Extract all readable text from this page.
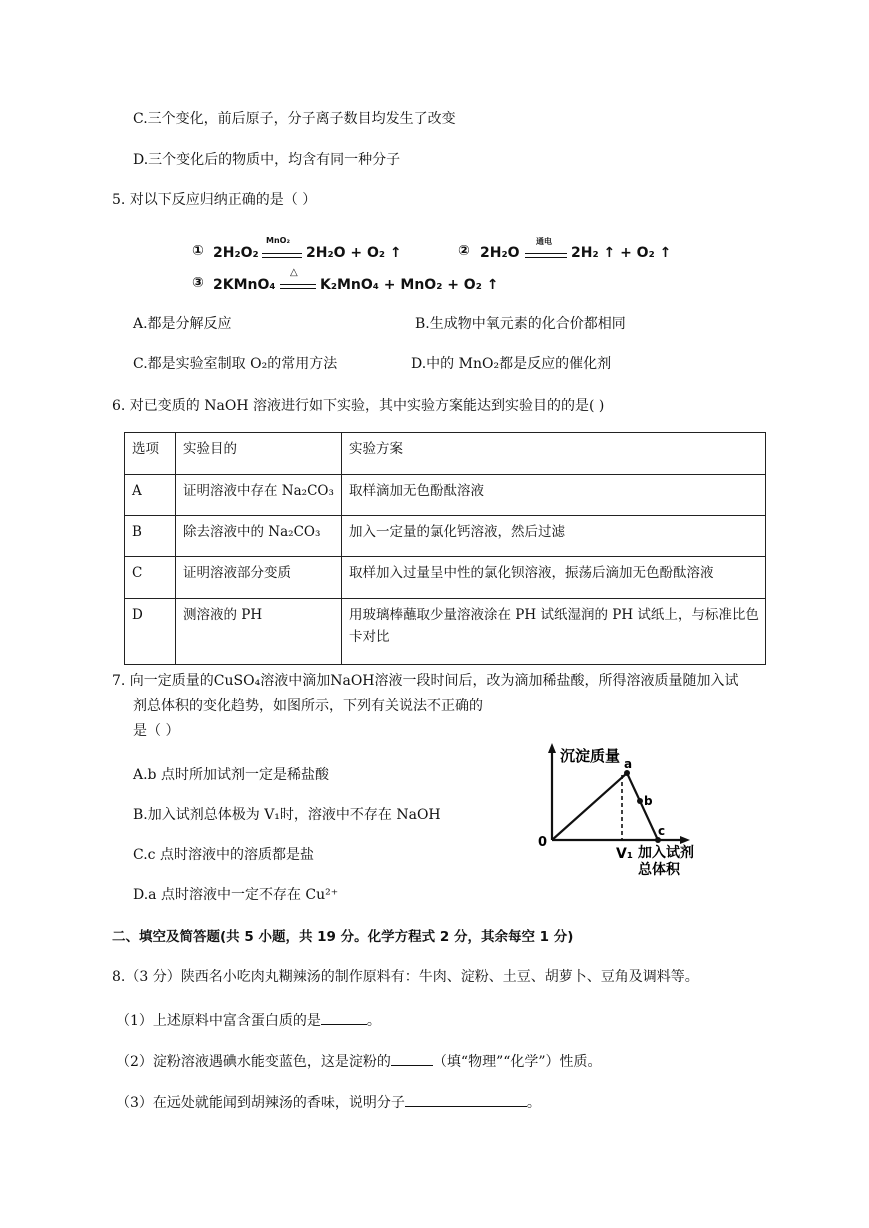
C.三个变化，前后原子，分子离子数目均发生了改变
D.三个变化后的物质中，均含有同一种分子
5. 对以下反应归纳正确的是（ ）
① 2H₂O₂
MnO₂
2H₂O + O₂ ↑	② 2H₂O
通电
2H₂ ↑ + O₂ ↑
③ 2KMnO₄
△
K₂MnO₄ + MnO₂ + O₂ ↑
A.都是分解反应	B.生成物中氧元素的化合价都相同
C.都是实验室制取 O₂的常用方法	D.中的 MnO₂都是反应的催化剂
6. 对已变质的 NaOH 溶液进行如下实验，其中实验方案能达到实验目的的是( )
选项	实验目的	实验方案
A	证明溶液中存在 Na₂CO₃	取样滴加无色酚酞溶液
B	除去溶液中的 Na₂CO₃	加入一定量的氯化钙溶液，然后过滤
C	证明溶液部分变质	取样加入过量呈中性的氯化钡溶液，振荡后滴加无色酚酞溶液
D	测溶液的 PH	用玻璃棒蘸取少量溶液涂在 PH 试纸湿润的 PH 试纸上，与标准比色卡对比
7. 向一定质量的CuSO₄溶液中滴加NaOH溶液一段时间后，改为滴加稀盐酸，所得溶液质量随加入试
剂总体积的变化趋势，如图所示，下列有关说法不正确的
是（ ）
A.b 点时所加试剂一定是稀盐酸
B.加入试剂总体极为 V₁时，溶液中不存在 NaOH
C.c 点时溶液中的溶质都是盐
D.a 点时溶液中一定不存在 Cu²⁺
沉淀质量 a
b
c
0
V₁ 加入试剂
总体积
二、填空及简答题(共 5 小题，共 19 分。化学方程式 2 分，其余每空 1 分)
8.（3 分）陕西名小吃肉丸糊辣汤的制作原料有：牛肉、淀粉、土豆、胡萝卜、豆角及调料等。
（1）上述原料中富含蛋白质的是	。
（2）淀粉溶液遇碘水能变蓝色，这是淀粉的	（填“物理”“化学”）性质。
（3）在远处就能闻到胡辣汤的香味，说明分子	。
